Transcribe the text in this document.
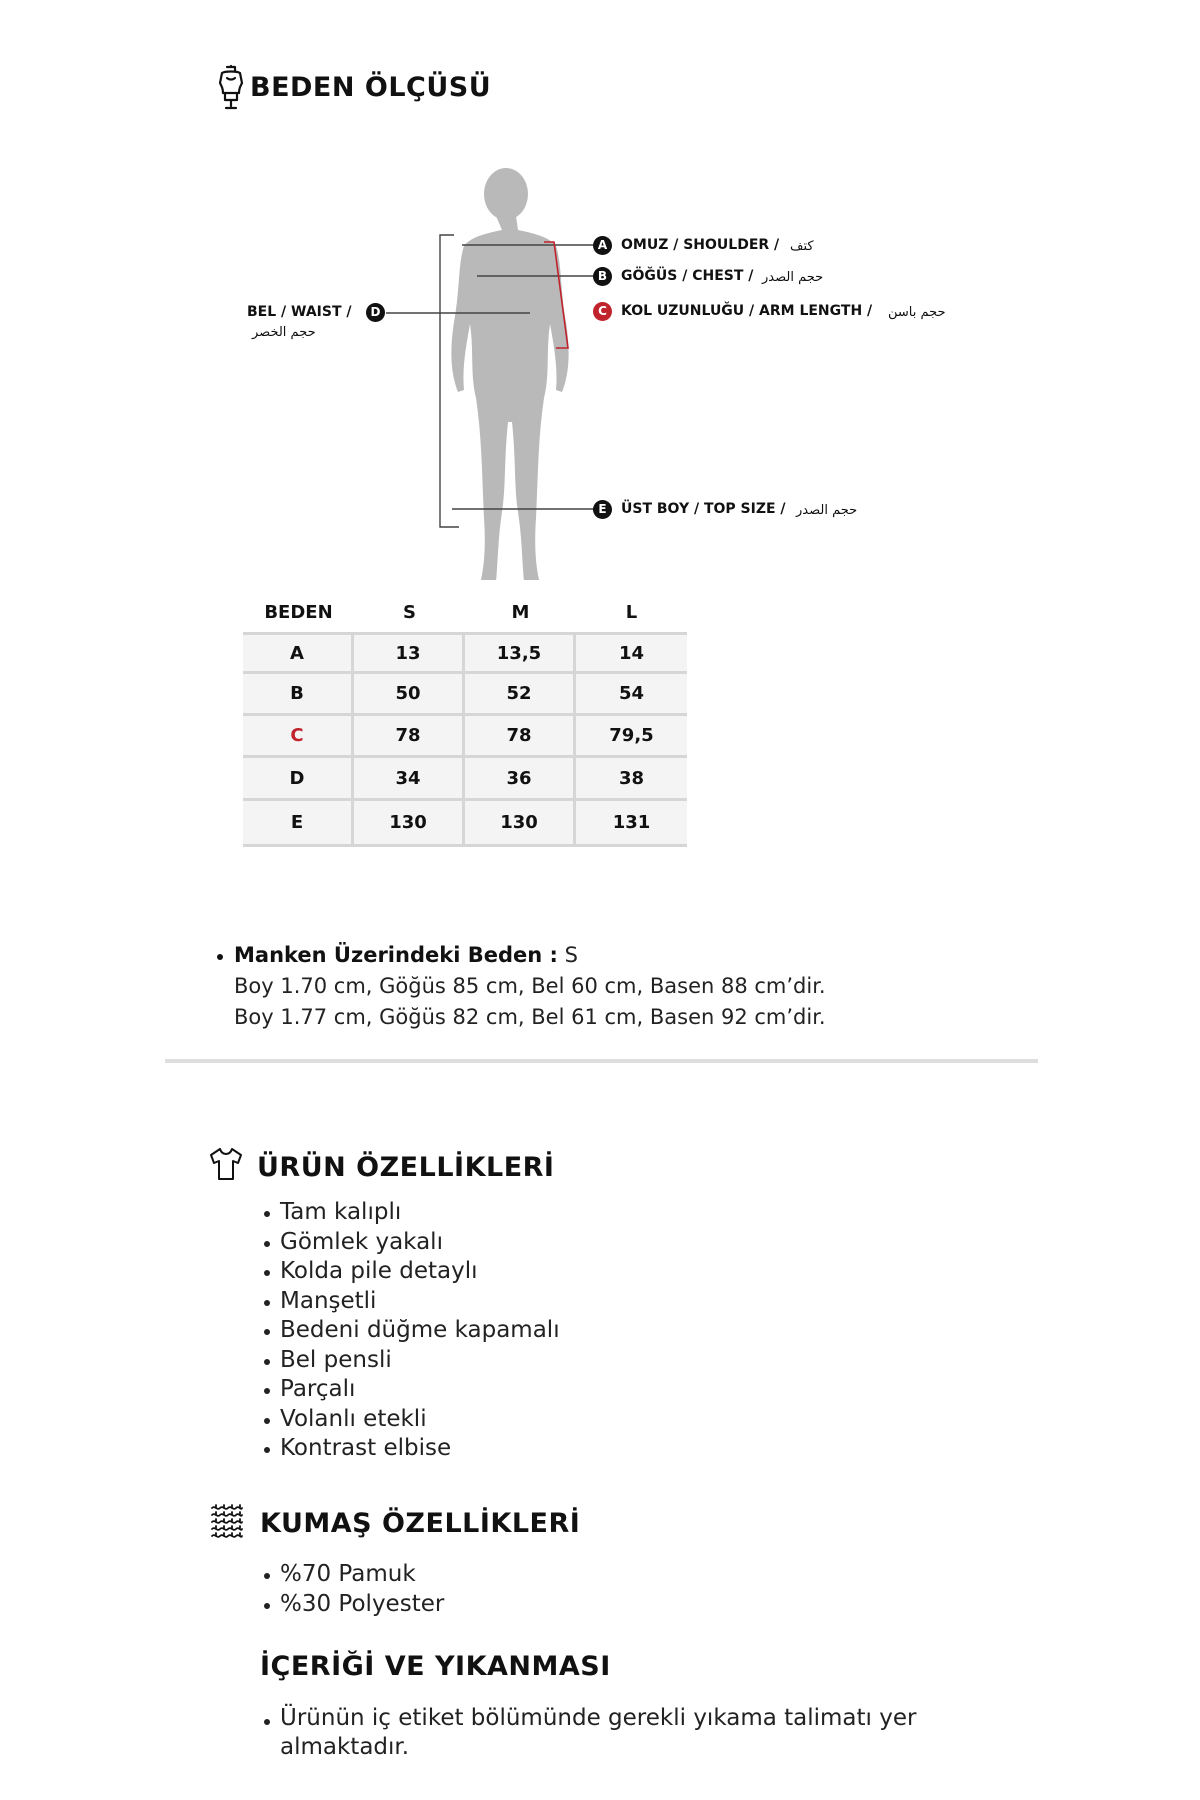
BEDEN ÖLÇÜSÜ
A OMUZ / SHOULDER / كتف
B GÖĞÜS / CHEST / حجم الصدر
C	KOL UZUNLUĞU / ARM LENGTH / حجم باسن
E	ÜST BOY / TOP SIZE / حجم الصدر
BEL / WAIST /
حجم الخصر
D
BEDEN	S	M	L
A	13	13,5	14
B	50	52	54
C	78	78	79,5
D	34	36	38
E	130	130	131
Manken Üzerindeki Beden : S
Boy 1.70 cm, Göğüs 85 cm, Bel 60 cm, Basen 88 cm’dir.
Boy 1.77 cm, Göğüs 82 cm, Bel 61 cm, Basen 92 cm’dir.
ÜRÜN ÖZELLİKLERİ
Tam kalıplı
Gömlek yakalı
Kolda pile detaylı
Manşetli
Bedeni düğme kapamalı
Bel pensli
Parçalı
Volanlı etekli
Kontrast elbise
KUMAŞ ÖZELLİKLERİ
%70 Pamuk
%30 Polyester
İÇERİĞİ VE YIKANMASI
Ürünün iç etiket bölümünde gerekli yıkama talimatı yer
almaktadır.
